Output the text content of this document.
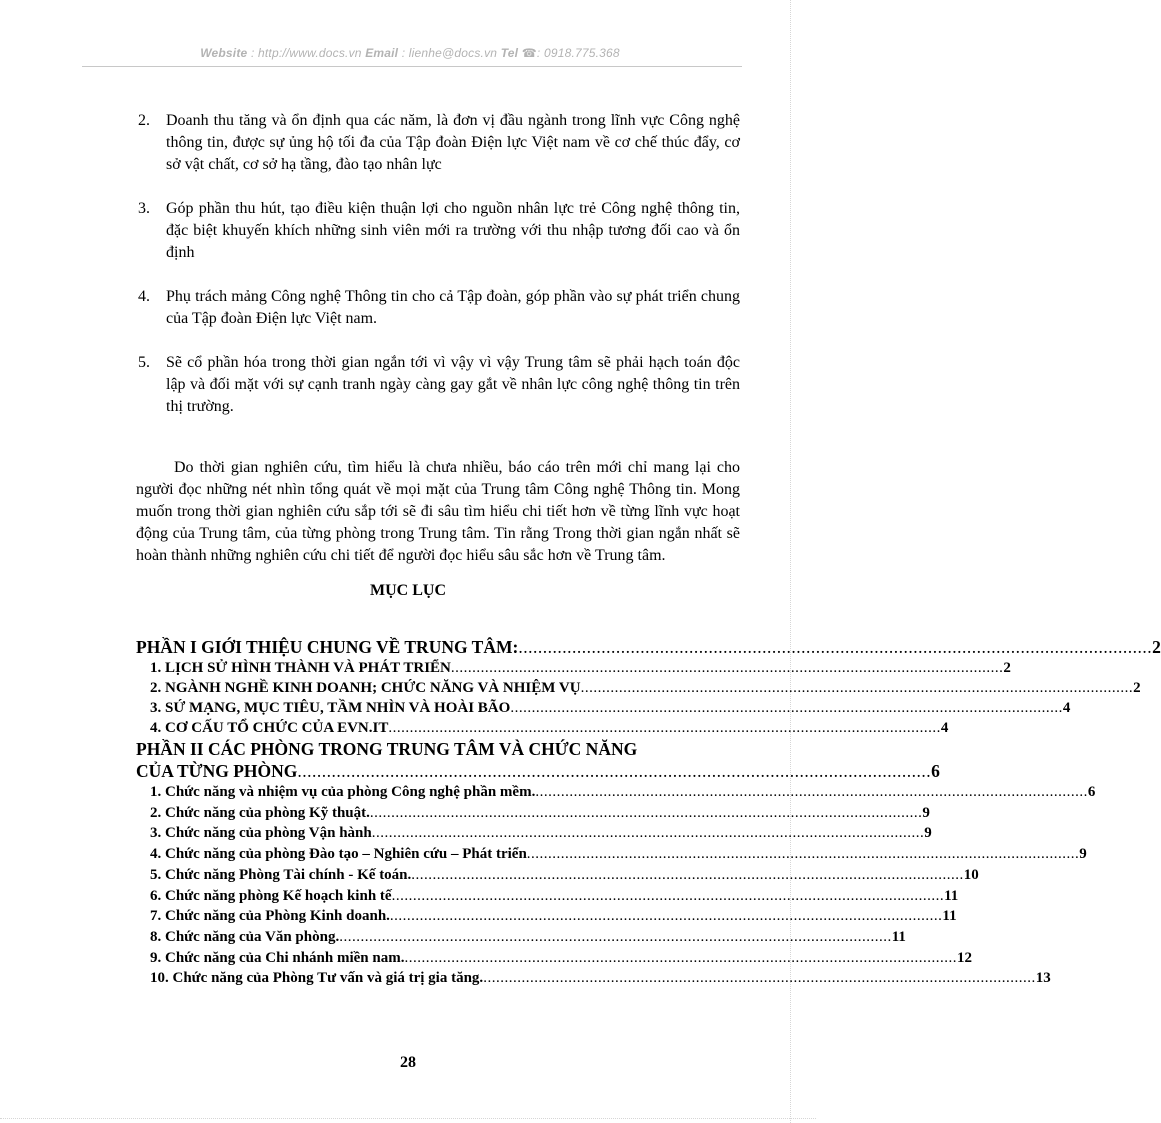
Website : http://www.docs.vn Email : lienhe@docs.vn Tel ☎: 0918.775.368
2. Doanh thu tăng và ổn định qua các năm, là đơn vị đầu ngành trong lĩnh vực Công nghệ thông tin, được sự ủng hộ tối đa của Tập đoàn Điện lực Việt nam về cơ chế thúc đẩy, cơ sở vật chất, cơ sở hạ tầng, đào tạo nhân lực
3. Góp phần thu hút, tạo điều kiện thuận lợi cho nguồn nhân lực trẻ Công nghệ thông tin, đặc biệt khuyến khích những sinh viên mới ra trường với thu nhập tương đối cao và ổn định
4. Phụ trách mảng Công nghệ Thông tin cho cả Tập đoàn, góp phần vào sự phát triển chung của Tập đoàn Điện lực Việt nam.
5. Sẽ cổ phần hóa trong thời gian ngắn tới vì vậy vì vậy Trung tâm sẽ phải hạch toán độc lập và đối mặt với sự cạnh tranh ngày càng gay gắt về nhân lực công nghệ thông tin trên thị trường.

Do thời gian nghiên cứu, tìm hiểu là chưa nhiều, báo cáo trên mới chỉ mang lại cho người đọc những nét nhìn tổng quát về mọi mặt của Trung tâm Công nghệ Thông tin. Mong muốn trong thời gian nghiên cứu sắp tới sẽ đi sâu tìm hiểu chi tiết hơn về từng lĩnh vực hoạt động của Trung tâm, của từng phòng trong Trung tâm. Tin rằng Trong thời gian ngắn nhất sẽ hoàn thành những nghiên cứu chi tiết để người đọc hiểu sâu sắc hơn về Trung tâm.

MỤC LỤC
PHẦN I GIỚI THIỆU CHUNG VỀ TRUNG TÂM: .................................................................................................................................. 2
1. LỊCH SỬ HÌNH THÀNH VÀ PHÁT TRIỂN .................................................................................................................................. 2
2. NGÀNH NGHỀ KINH DOANH; CHỨC NĂNG VÀ NHIỆM VỤ .................................................................................................................................. 2
3. SỨ MẠNG, MỤC TIÊU, TẦM NHÌN VÀ HOÀI BÃO .................................................................................................................................. 4
4. CƠ CẤU TỔ CHỨC CỦA EVN.IT .................................................................................................................................. 4
PHẦN II CÁC PHÒNG TRONG TRUNG TÂM VÀ CHỨC NĂNG
CỦA TỪNG PHÒNG .................................................................................................................................. 6
1. Chức năng và nhiệm vụ của phòng Công nghệ phần mềm. .................................................................................................................................. 6
2. Chức năng của phòng Kỹ thuật. .................................................................................................................................. 9
3. Chức năng của phòng Vận hành .................................................................................................................................. 9
4. Chức năng của phòng Đào tạo – Nghiên cứu – Phát triển .................................................................................................................................. 9
5. Chức năng Phòng Tài chính - Kế toán. .................................................................................................................................. 10
6. Chức năng phòng Kế hoạch kinh tế .................................................................................................................................. 11
7. Chức năng của Phòng Kinh doanh. .................................................................................................................................. 11
8. Chức năng của Văn phòng. .................................................................................................................................. 11
9. Chức năng của Chi nhánh miền nam. .................................................................................................................................. 12
10. Chức năng của Phòng Tư vấn và giá trị gia tăng. .................................................................................................................................. 13
28
